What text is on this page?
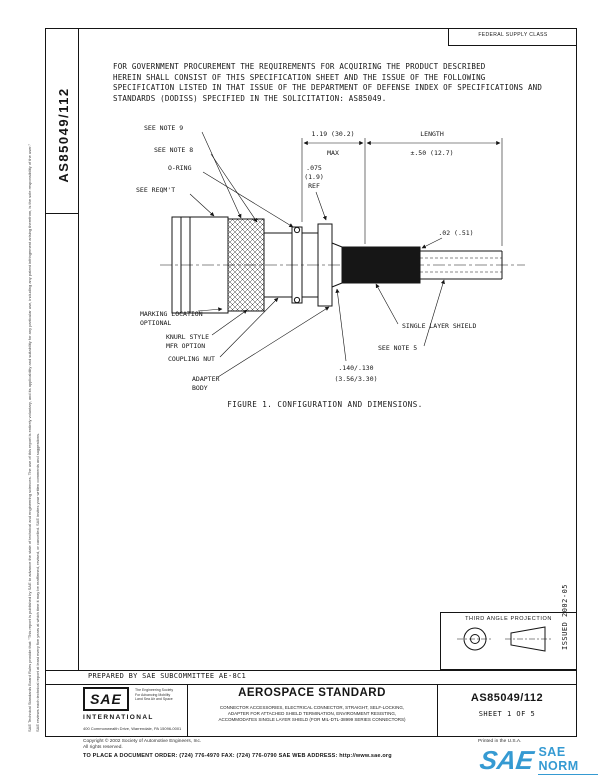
SAE Technical Standards Board Rules provide that: "This report is published by SAE to advance the state of technical and engineering sciences. The use of this report is entirely voluntary, and its applicability and suitability for any particular use, including any patent infringement arising therefrom, is the sole responsibility of the user." SAE reviews each technical report at least every five years at which time it may be reaffirmed, revised, or cancelled. SAE invites your written comments and suggestions.
AS85049/112
FEDERAL SUPPLY CLASS
FOR GOVERNMENT PROCUREMENT THE REQUIREMENTS FOR ACQUIRING THE PRODUCT DESCRIBED
HEREIN SHALL CONSIST OF THIS SPECIFICATION SHEET AND THE ISSUE OF THE FOLLOWING
SPECIFICATION LISTED IN THAT ISSUE OF THE DEPARTMENT OF DEFENSE INDEX OF SPECIFICATIONS AND
STANDARDS (DODISS) SPECIFIED IN THE SOLICITATION: AS85049.
SEE NOTE 9
SEE NOTE 8
O-RING
SEE REQM'T
MARKING LOCATION
OPTIONAL
KNURL STYLE
MFR OPTION
COUPLING NUT
ADAPTER
BODY
SINGLE LAYER SHIELD
SEE NOTE 5
1.19 (30.2)
MAX
LENGTH
±.50 (12.7)
.075
(1.9)
REF
.02 (.51)
.140/.130
(3.56/3.30)
FIGURE 1. CONFIGURATION AND DIMENSIONS.
ISSUED 2002-05
THIRD ANGLE PROJECTION
PREPARED BY SAE SUBCOMMITTEE AE-8C1
SAE
The Engineering Society
For Advancing Mobility
Land Sea Air and Space
INTERNATIONAL
400 Commonwealth Drive, Warrendale, PA 15096-0001
AEROSPACE STANDARD
CONNECTOR ACCESSORIES, ELECTRICAL CONNECTOR, STRAIGHT, SELF-LOCKING,
ADAPTER FOR ATTACHED SHIELD TERMINATION, ENVIRONMENT RESISTING,
ACCOMMODATES SINGLE LAYER SHIELD (FOR MIL-DTL-38999 SERIES CONNECTORS)
AS85049/112
SHEET 1 OF 5
Copyright © 2002 Society of Automotive Engineers, Inc.
All rights reserved.
Printed in the U.S.A.
TO PLACE A DOCUMENT ORDER: (724) 776-4970 FAX: (724) 776-0790 SAE WEB ADDRESS: http://www.sae.org	SAE SAE NORM
